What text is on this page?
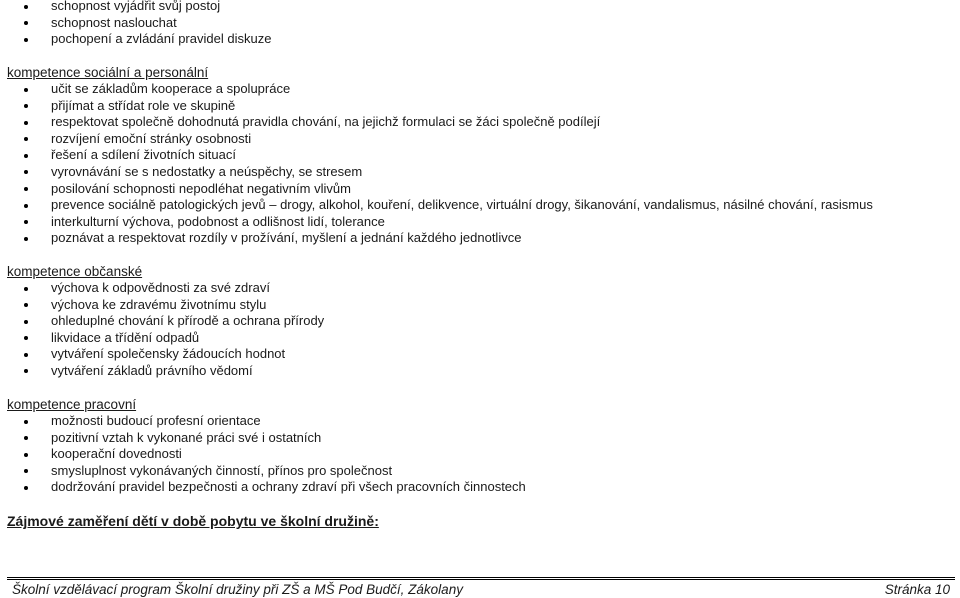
schopnost vyjádřit svůj postoj
schopnost naslouchat
pochopení a zvládání pravidel diskuze
kompetence sociální a personální
učit se základům kooperace a spolupráce
přijímat a střídat role ve skupině
respektovat společně dohodnutá pravidla chování, na jejichž formulaci se žáci společně podílejí
rozvíjení emoční stránky osobnosti
řešení a sdílení životních situací
vyrovnávání se s nedostatky a neúspěchy, se stresem
posilování schopnosti nepodléhat negativním vlivům
prevence sociálně patologických jevů – drogy, alkohol, kouření, delikvence, virtuální drogy, šikanování, vandalismus, násilné chování, rasismus
interkulturní výchova, podobnost a odlišnost lidí, tolerance
poznávat a respektovat rozdíly v prožívání, myšlení a jednání každého jednotlivce
kompetence občanské
výchova k odpovědnosti za své zdraví
výchova ke zdravému životnímu stylu
ohleduplné chování k přírodě a ochrana přírody
likvidace a třídění odpadů
vytváření společensky žádoucích hodnot
vytváření základů právního vědomí
kompetence pracovní
možnosti budoucí profesní orientace
pozitivní vztah k vykonané práci své i ostatních
kooperační dovednosti
smysluplnost vykonávaných činností, přínos pro společnost
dodržování pravidel bezpečnosti a ochrany zdraví při všech pracovních činnostech
Zájmové zaměření dětí v době pobytu ve školní družině:
Školní vzdělávací program Školní družiny při ZŠ a MŠ Pod Budčí, Zákolany	Stránka 10
